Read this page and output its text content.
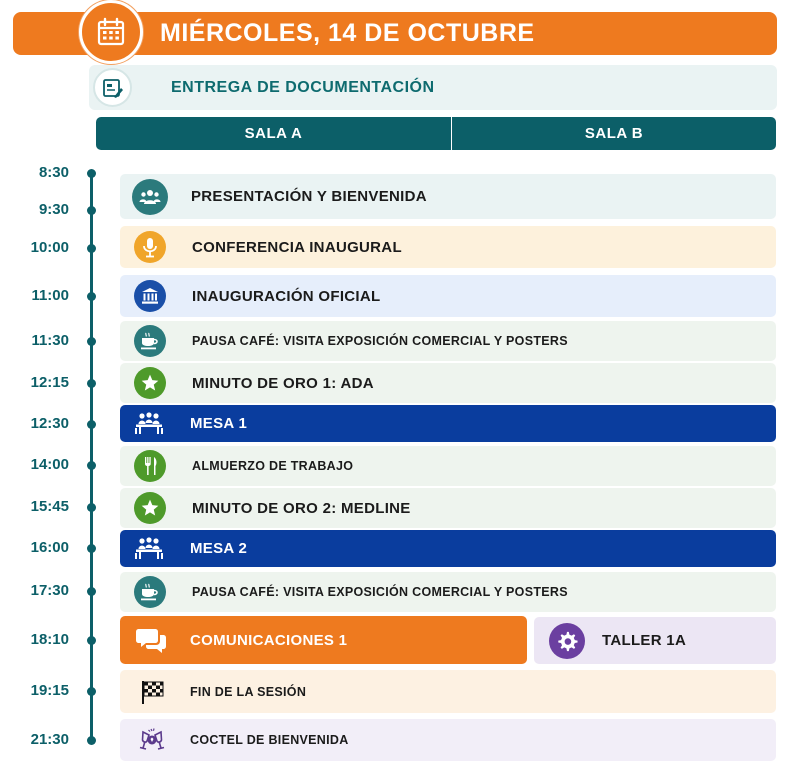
MIÉRCOLES, 14 DE OCTUBRE
ENTREGA DE DOCUMENTACIÓN
SALA A	SALA B
8:30
9:30
10:00
11:00
11:30
12:15
12:30
14:00
15:45
16:00
17:30
18:10
19:15
21:30
PRESENTACIÓN Y BIENVENIDA
CONFERENCIA INAUGURAL
INAUGURACIÓN OFICIAL
PAUSA CAFÉ: VISITA EXPOSICIÓN COMERCIAL Y POSTERS
MINUTO DE ORO 1: ADA
MESA 1
ALMUERZO DE TRABAJO
MINUTO DE ORO 2: MEDLINE
MESA 2
PAUSA CAFÉ: VISITA EXPOSICIÓN COMERCIAL Y POSTERS
COMUNICACIONES 1	TALLER 1A
FIN DE LA SESIÓN
COCTEL DE BIENVENIDA
